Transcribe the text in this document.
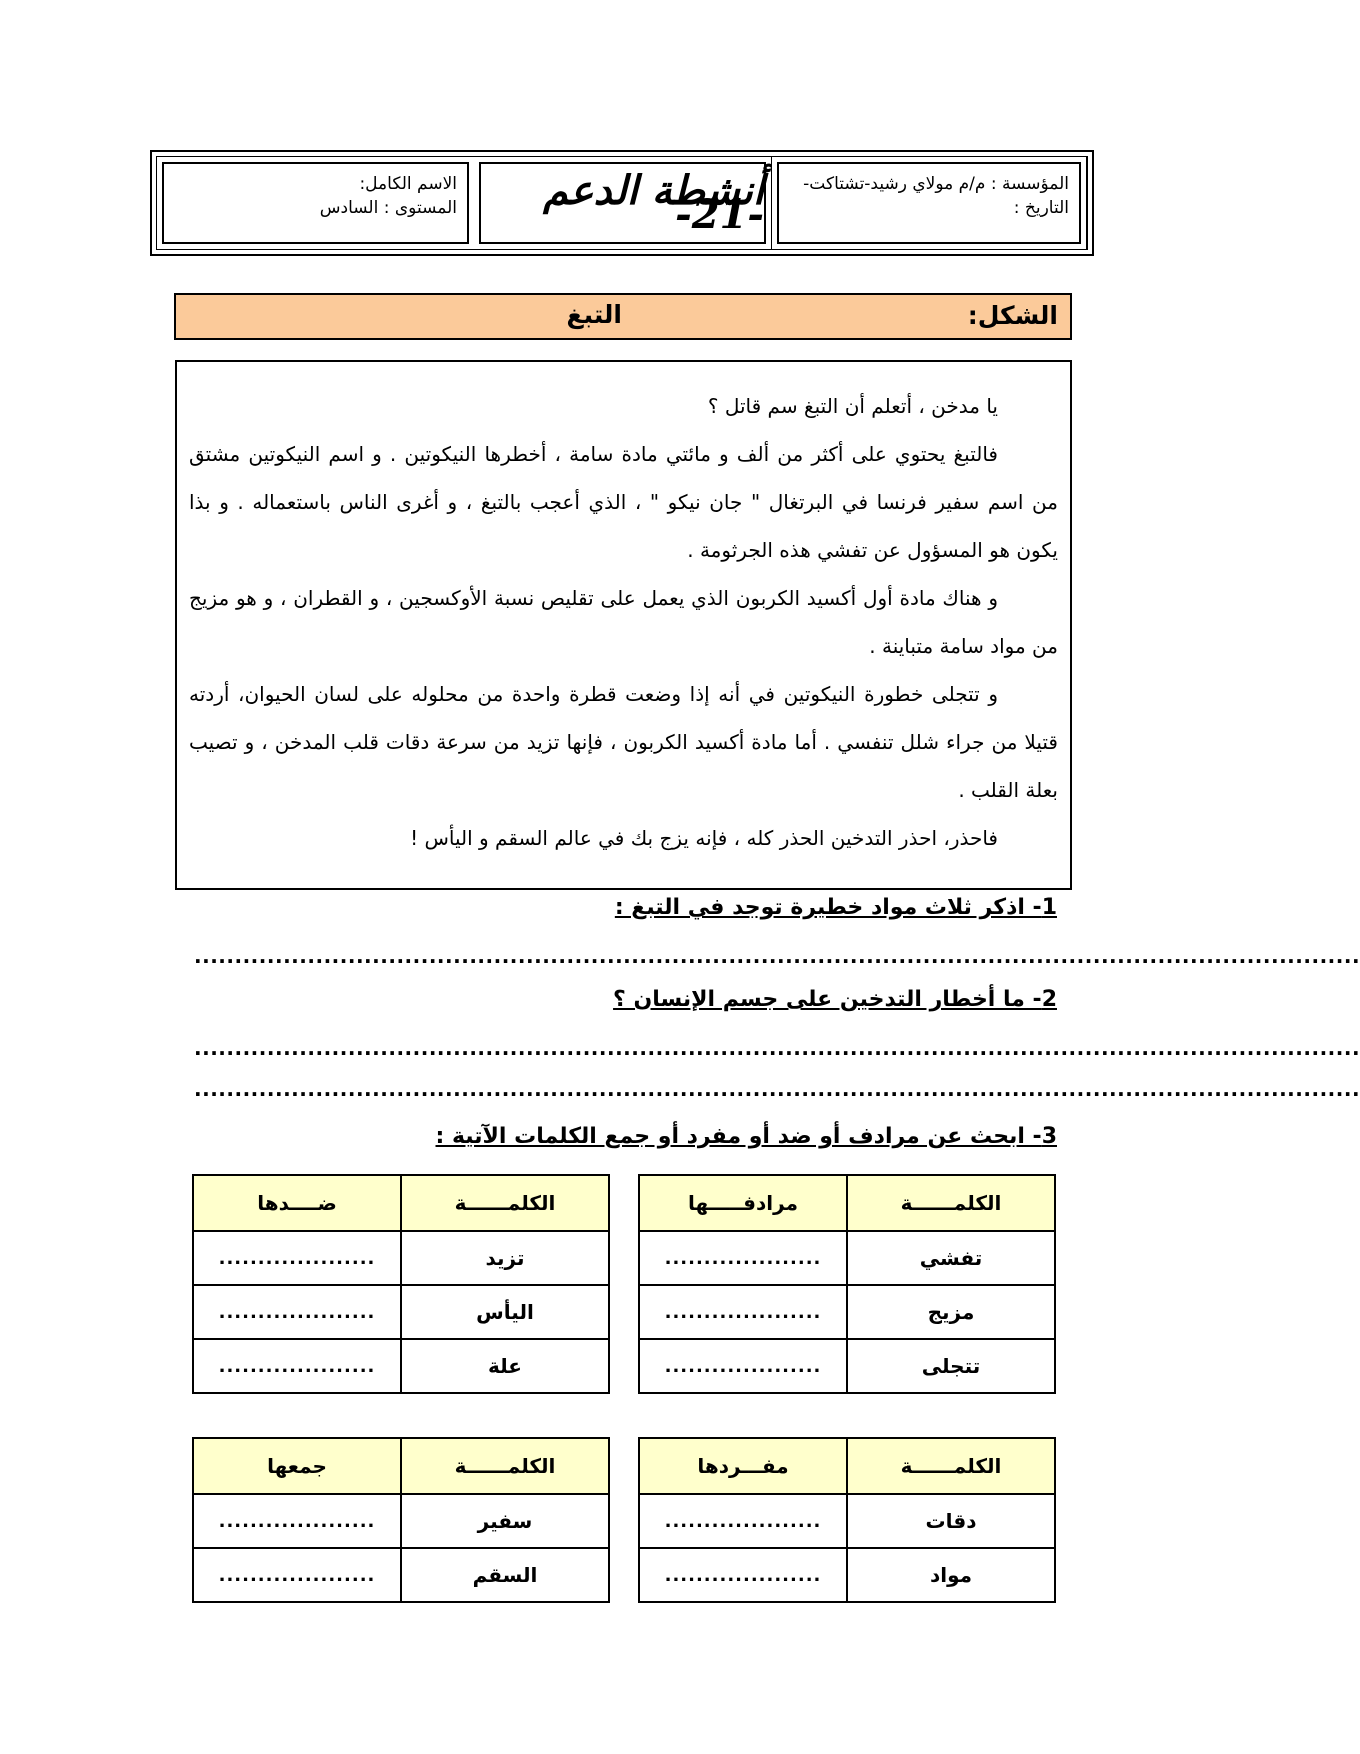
الاسم الكامل:
المستوى : السادس	أنشطة الدعم -21-
المؤسسة : م/م مولاي رشيد-تشتاكت-
التاريخ :
الشكل:
التبغ

يا مدخن ، أتعلم أن التبغ سم قاتل ؟

فالتبغ يحتوي على أكثر من ألف و مائتي مادة سامة ، أخطرها النيكوتين . و اسم النيكوتين مشتق من اسم سفير فرنسا في البرتغال " جان نيكو " ، الذي أعجب بالتبغ ، و أغرى الناس باستعماله . و بذا يكون هو المسؤول عن تفشي هذه الجرثومة .

و هناك مادة أول أكسيد الكربون الذي يعمل على تقليص نسبة الأوكسجين ، و القطران ، و هو مزيج من مواد سامة متباينة .

و تتجلى خطورة النيكوتين في أنه إذا وضعت قطرة واحدة من محلوله على لسان الحيوان، أردته قتيلا من جراء شلل تنفسي . أما مادة أكسيد الكربون ، فإنها تزيد من سرعة دقات قلب المدخن ، و تصيب بعلة القلب .

فاحذر، احذر التدخين الحذر كله ، فإنه يزج بك في عالم السقم و اليأس !

1- اذكر ثلاث مواد خطيرة توجد في التبغ :
................................................................................................................................................
2- ما أخطار التدخين على جسم الإنسان ؟
................................................................................................................................................
................................................................................................................................................
3- ابحث عن مرادف أو ضد أو مفرد أو جمع الكلمات الآتية :
الكلمــــــة	مرادفـــــها
تفشي	....................
مزيج	....................
تتجلى	....................
الكلمــــــة	ضــــدها
تزيد	....................
اليأس	....................
علة	....................
الكلمــــــة	مفـــردها
دقات	....................
مواد	....................
الكلمــــــة	جمعها
سفير	....................
السقم	....................
